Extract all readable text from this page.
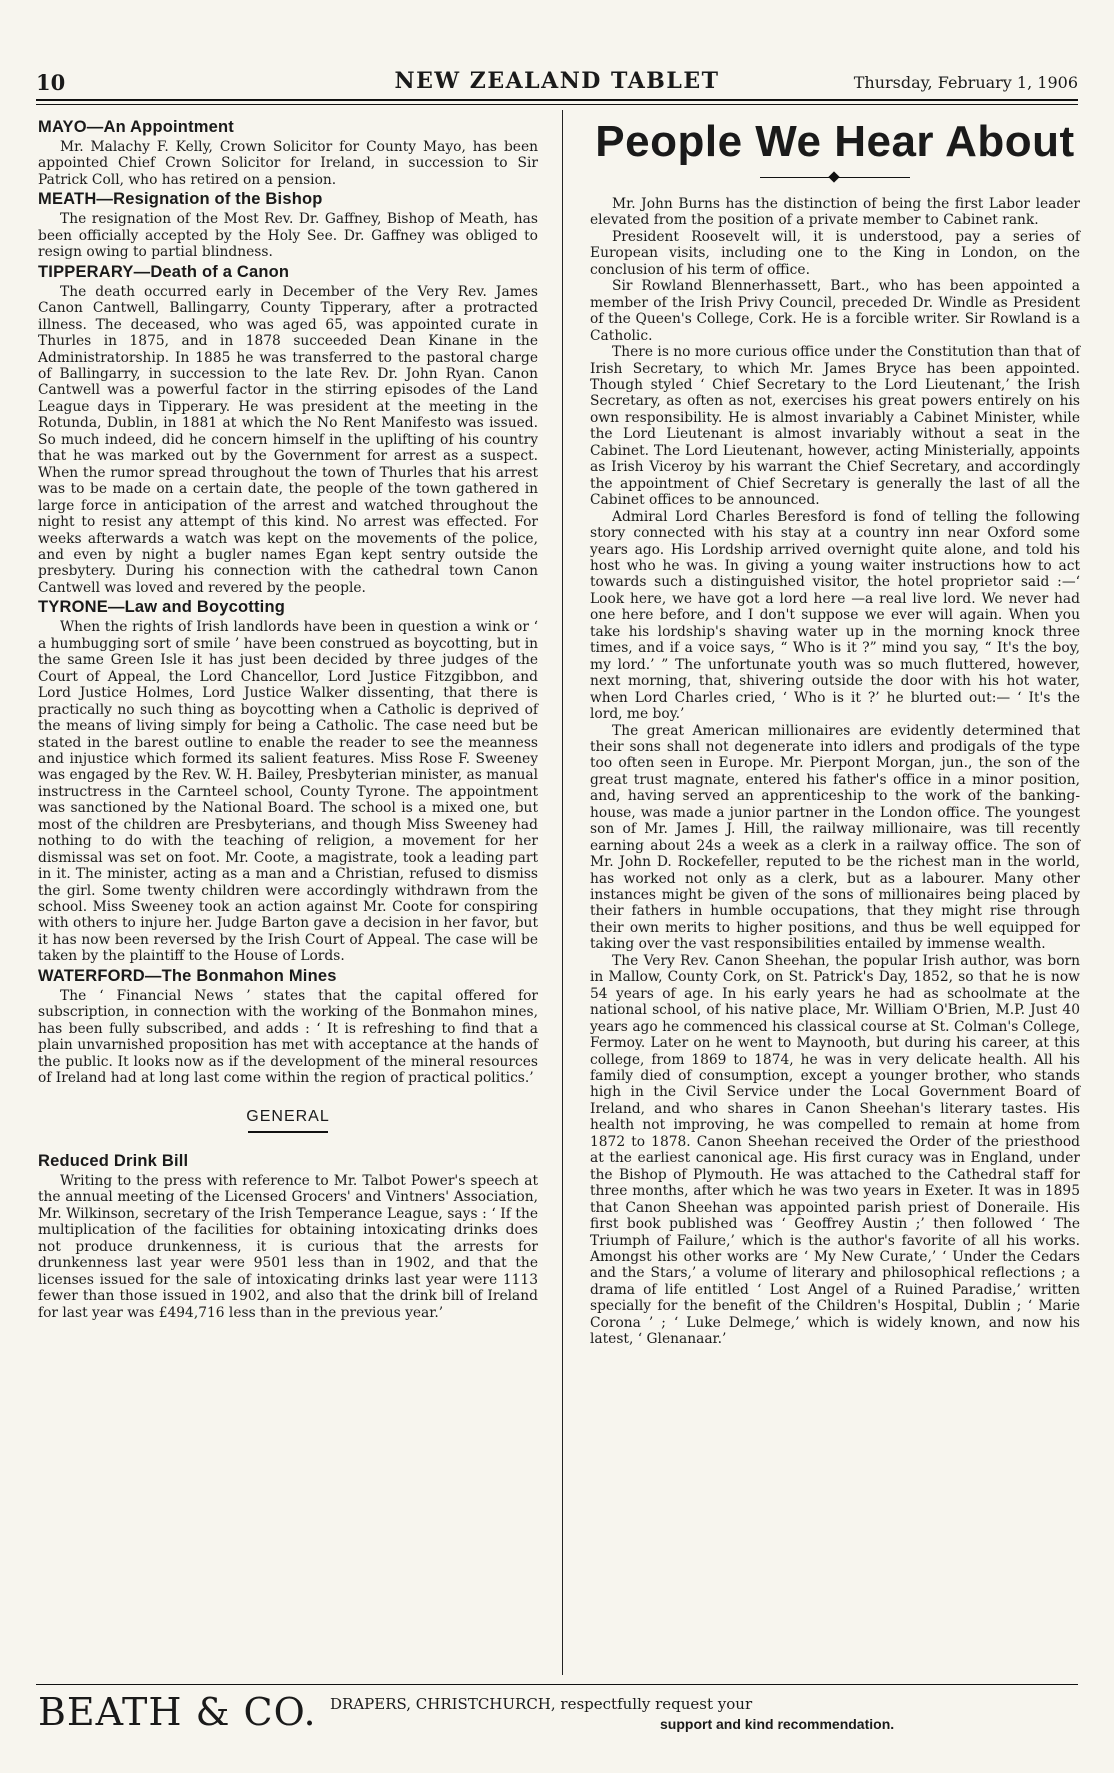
10	NEW ZEALAND TABLET	Thursday, February 1, 1906
MAYO—An Appointment

Mr. Malachy F. Kelly, Crown Solicitor for County Mayo, has been appointed Chief Crown Solicitor for Ireland, in succession to Sir Patrick Coll, who has retired on a pension.

MEATH—Resignation of the Bishop

The resignation of the Most Rev. Dr. Gaffney, Bishop of Meath, has been officially accepted by the Holy See. Dr. Gaffney was obliged to resign owing to partial blindness.

TIPPERARY—Death of a Canon

The death occurred early in December of the Very Rev. James Canon Cantwell, Ballingarry, County Tipperary, after a protracted illness. The deceased, who was aged 65, was appointed curate in Thurles in 1875, and in 1878 succeeded Dean Kinane in the Administratorship. In 1885 he was transferred to the pastoral charge of Ballingarry, in succession to the late Rev. Dr. John Ryan. Canon Cantwell was a powerful factor in the stirring episodes of the Land League days in Tipperary. He was president at the meeting in the Rotunda, Dublin, in 1881 at which the No Rent Manifesto was issued. So much indeed, did he concern himself in the uplifting of his country that he was marked out by the Government for arrest as a suspect. When the rumor spread throughout the town of Thurles that his arrest was to be made on a certain date, the people of the town gathered in large force in anticipation of the arrest and watched throughout the night to resist any attempt of this kind. No arrest was effected. For weeks afterwards a watch was kept on the movements of the police, and even by night a bugler names Egan kept sentry outside the presbytery. During his connection with the cathedral town Canon Cantwell was loved and revered by the people.

TYRONE—Law and Boycotting

When the rights of Irish landlords have been in question a wink or ‘ a humbugging sort of smile ’ have been construed as boycotting, but in the same Green Isle it has just been decided by three judges of the Court of Appeal, the Lord Chancellor, Lord Justice Fitzgibbon, and Lord Justice Holmes, Lord Justice Walker dissenting, that there is practically no such thing as boycotting when a Catholic is deprived of the means of living simply for being a Catholic. The case need but be stated in the barest outline to enable the reader to see the meanness and injustice which formed its salient features. Miss Rose F. Sweeney was engaged by the Rev. W. H. Bailey, Presbyterian minister, as manual instructress in the Carnteel school, County Tyrone. The appointment was sanctioned by the National Board. The school is a mixed one, but most of the children are Presbyterians, and though Miss Sweeney had nothing to do with the teaching of religion, a movement for her dismissal was set on foot. Mr. Coote, a magistrate, took a leading part in it. The minister, acting as a man and a Christian, refused to dismiss the girl. Some twenty children were accordingly withdrawn from the school. Miss Sweeney took an action against Mr. Coote for conspiring with others to injure her. Judge Barton gave a decision in her favor, but it has now been reversed by the Irish Court of Appeal. The case will be taken by the plaintiff to the House of Lords.

WATERFORD—The Bonmahon Mines

The ‘ Financial News ’ states that the capital offered for subscription, in connection with the working of the Bonmahon mines, has been fully subscribed, and adds : ‘ It is refreshing to find that a plain unvarnished proposition has met with acceptance at the hands of the public. It looks now as if the development of the mineral resources of Ireland had at long last come within the region of practical politics.’

GENERAL
Reduced Drink Bill

Writing to the press with reference to Mr. Talbot Power's speech at the annual meeting of the Licensed Grocers' and Vintners' Association, Mr. Wilkinson, secretary of the Irish Temperance League, says : ‘ If the multiplication of the facilities for obtaining intoxicating drinks does not produce drunkenness, it is curious that the arrests for drunkenness last year were 9501 less than in 1902, and that the licenses issued for the sale of intoxicating drinks last year were 1113 fewer than those issued in 1902, and also that the drink bill of Ireland for last year was £494,716 less than in the previous year.’

People We Hear About

Mr. John Burns has the distinction of being the first Labor leader elevated from the position of a private member to Cabinet rank.

President Roosevelt will, it is understood, pay a series of European visits, including one to the King in London, on the conclusion of his term of office.

Sir Rowland Blennerhassett, Bart., who has been appointed a member of the Irish Privy Council, preceded Dr. Windle as President of the Queen's College, Cork. He is a forcible writer. Sir Rowland is a Catholic.

There is no more curious office under the Constitution than that of Irish Secretary, to which Mr. James Bryce has been appointed. Though styled ‘ Chief Secretary to the Lord Lieutenant,’ the Irish Secretary, as often as not, exercises his great powers entirely on his own responsibility. He is almost invariably a Cabinet Minister, while the Lord Lieutenant is almost invariably without a seat in the Cabinet. The Lord Lieutenant, however, acting Ministerially, appoints as Irish Viceroy by his warrant the Chief Secretary, and accordingly the appointment of Chief Secretary is generally the last of all the Cabinet offices to be announced.

Admiral Lord Charles Beresford is fond of telling the following story connected with his stay at a country inn near Oxford some years ago. His Lordship arrived overnight quite alone, and told his host who he was. In giving a young waiter instructions how to act towards such a distinguished visitor, the hotel proprietor said :—‘ Look here, we have got a lord here —a real live lord. We never had one here before, and I don't suppose we ever will again. When you take his lordship's shaving water up in the morning knock three times, and if a voice says, “ Who is it ?” mind you say, “ It's the boy, my lord.’ ” The unfortunate youth was so much fluttered, however, next morning, that, shivering outside the door with his hot water, when Lord Charles cried, ‘ Who is it ?’ he blurted out:— ‘ It's the lord, me boy.’

The great American millionaires are evidently determined that their sons shall not degenerate into idlers and prodigals of the type too often seen in Europe. Mr. Pierpont Morgan, jun., the son of the great trust magnate, entered his father's office in a minor position, and, having served an apprenticeship to the work of the banking-house, was made a junior partner in the London office. The youngest son of Mr. James J. Hill, the railway millionaire, was till recently earning about 24s a week as a clerk in a railway office. The son of Mr. John D. Rockefeller, reputed to be the richest man in the world, has worked not only as a clerk, but as a labourer. Many other instances might be given of the sons of millionaires being placed by their fathers in humble occupations, that they might rise through their own merits to higher positions, and thus be well equipped for taking over the vast responsibilities entailed by immense wealth.

The Very Rev. Canon Sheehan, the popular Irish author, was born in Mallow, County Cork, on St. Patrick's Day, 1852, so that he is now 54 years of age. In his early years he had as schoolmate at the national school, of his native place, Mr. William O'Brien, M.P. Just 40 years ago he commenced his classical course at St. Colman's College, Fermoy. Later on he went to Maynooth, but during his career, at this college, from 1869 to 1874, he was in very delicate health. All his family died of consumption, except a younger brother, who stands high in the Civil Service under the Local Government Board of Ireland, and who shares in Canon Sheehan's literary tastes. His health not improving, he was compelled to remain at home from 1872 to 1878. Canon Sheehan received the Order of the priesthood at the earliest canonical age. His first curacy was in England, under the Bishop of Plymouth. He was attached to the Cathedral staff for three months, after which he was two years in Exeter. It was in 1895 that Canon Sheehan was appointed parish priest of Doneraile. His first book published was ‘ Geoffrey Austin ;’ then followed ‘ The Triumph of Failure,’ which is the author's favorite of all his works. Amongst his other works are ‘ My New Curate,’ ‘ Under the Cedars and the Stars,’ a volume of literary and philosophical reflections ; a drama of life entitled ‘ Lost Angel of a Ruined Paradise,’ written specially for the benefit of the Children's Hospital, Dublin ; ‘ Marie Corona ’ ; ‘ Luke Delmege,’ which is widely known, and now his latest, ‘ Glenanaar.’

BEATH & CO. DRAPERS, CHRISTCHURCH, respectfully request your
support and kind recommendation.
